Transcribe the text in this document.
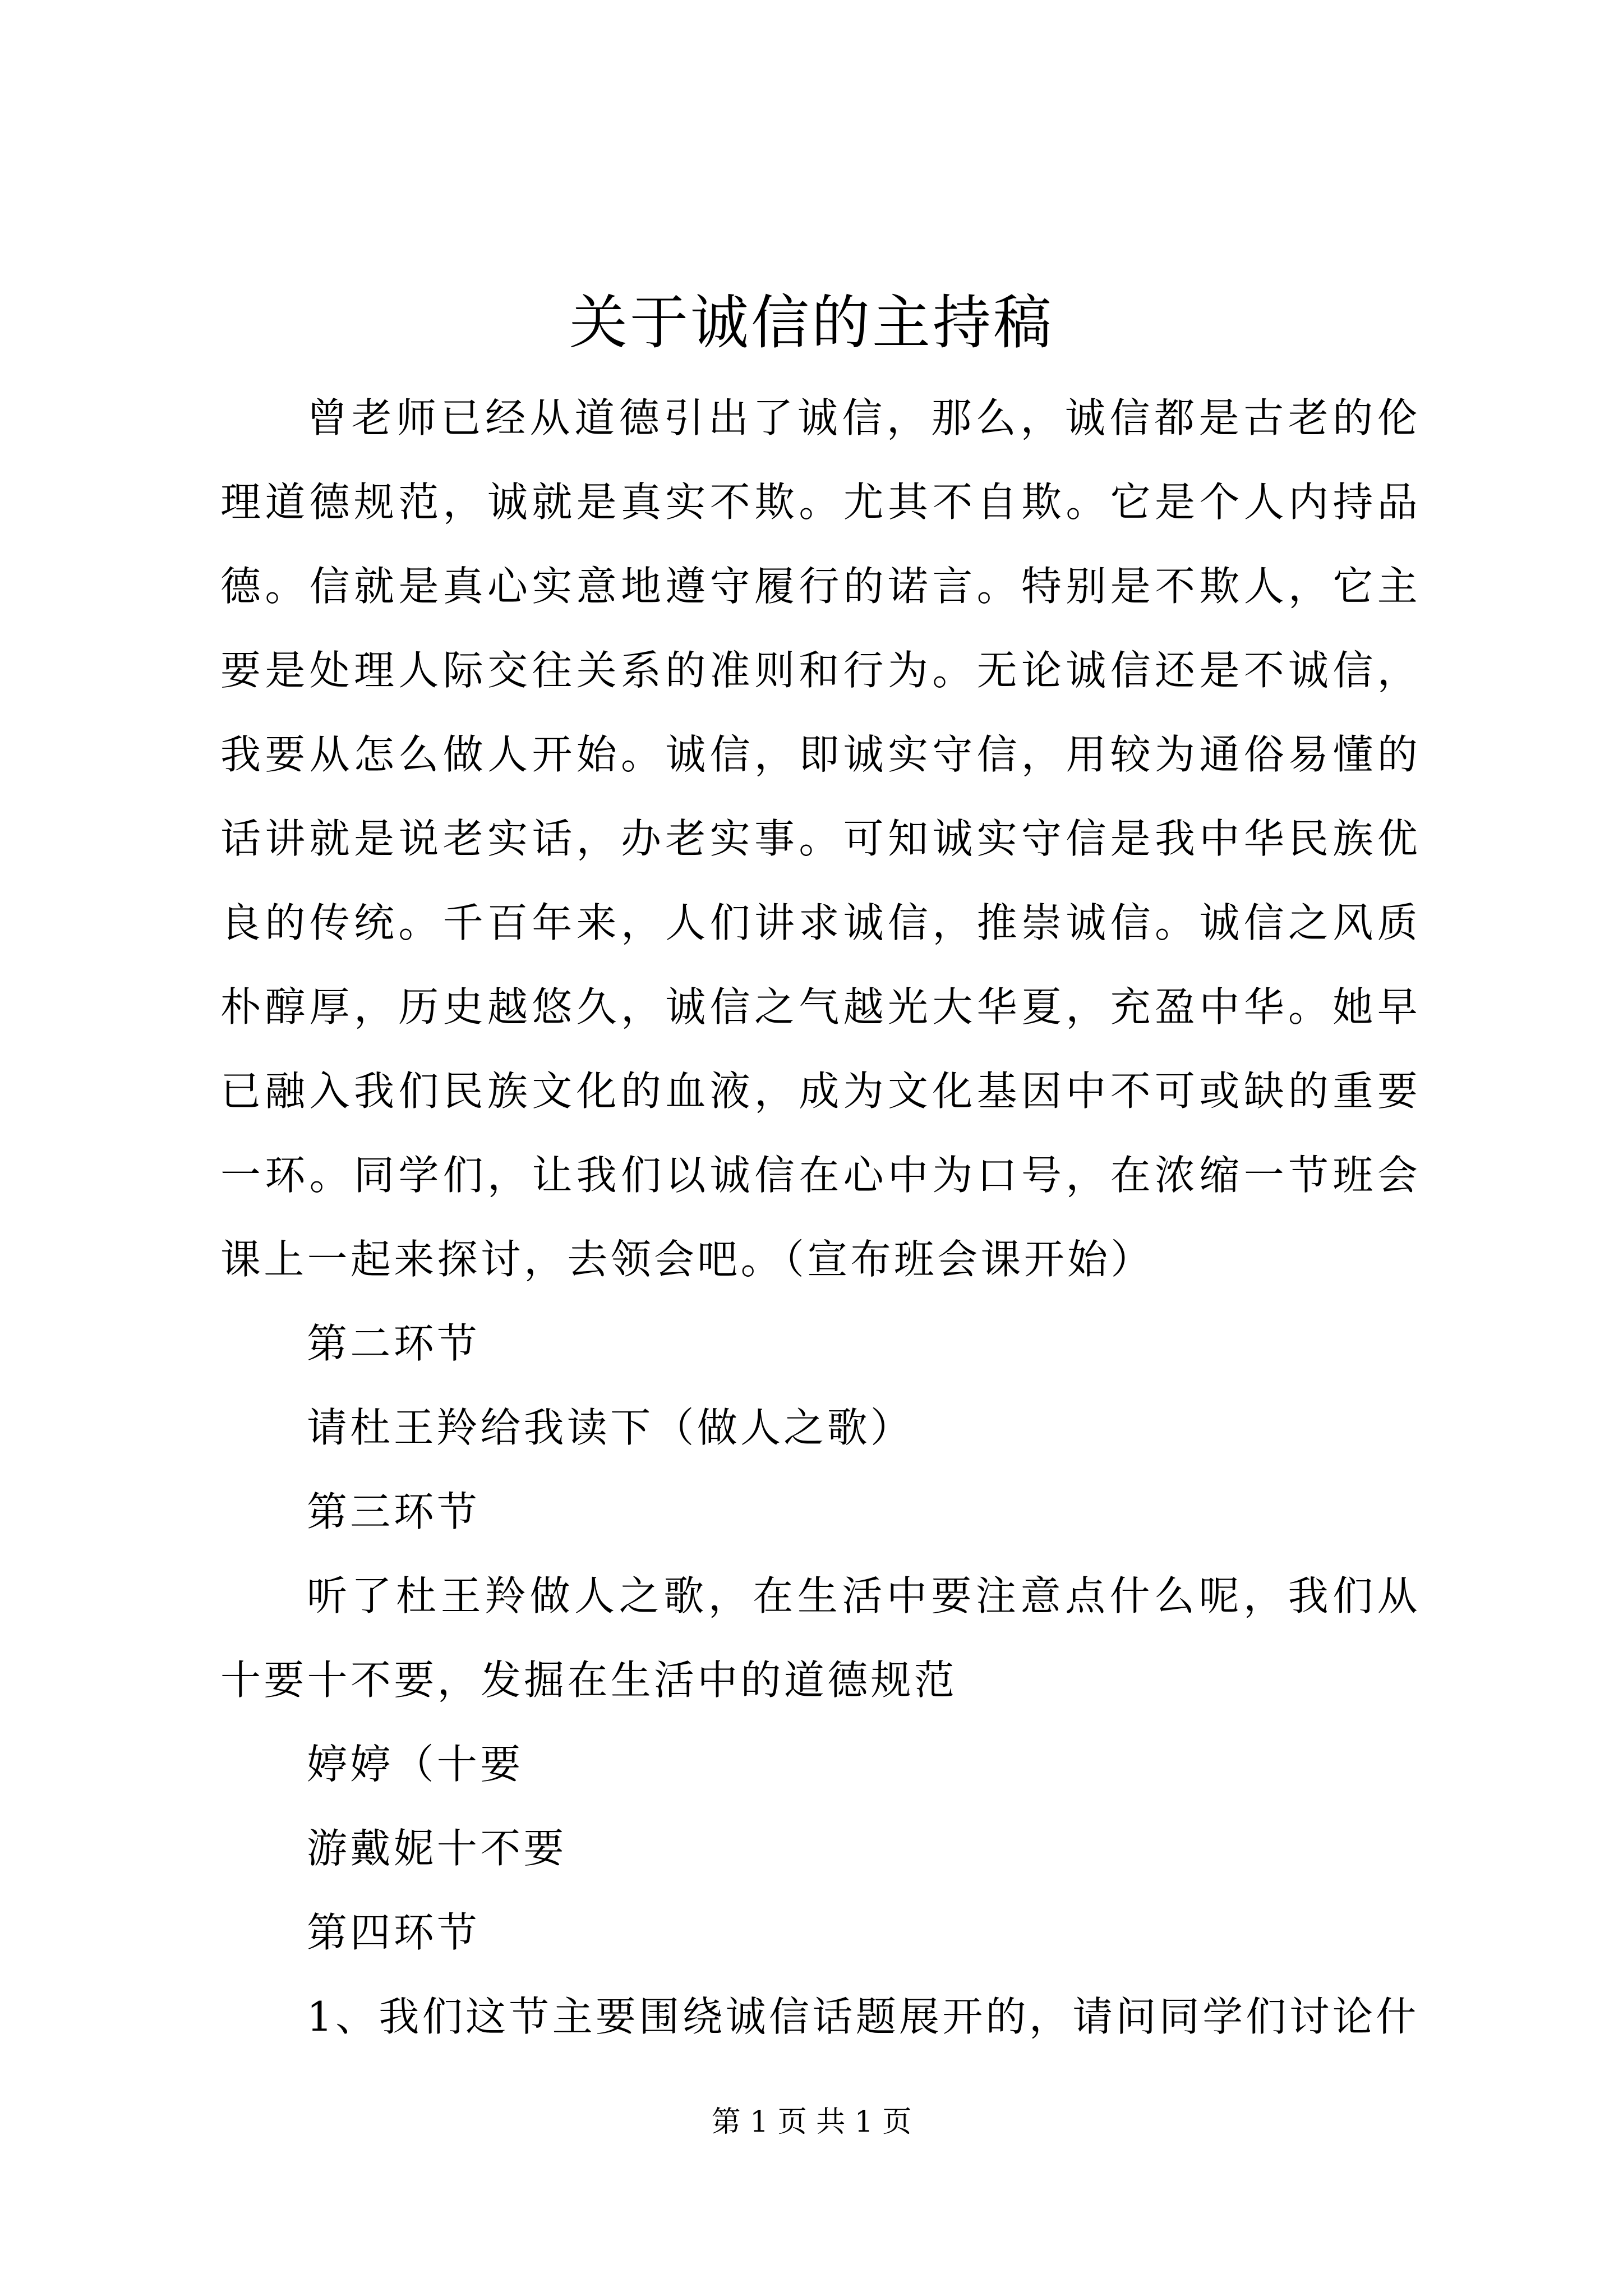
关于诚信的主持稿

曾老师已经从道德引出了诚信，那么，诚信都是古老的伦理道德规范，诚就是真实不欺。尤其不自欺。它是个人内持品德。信就是真心实意地遵守履行的诺言。特别是不欺人，它主要是处理人际交往关系的准则和行为。无论诚信还是不诚信，我要从怎么做人开始。诚信，即诚实守信，用较为通俗易懂的话讲就是说老实话，办老实事。可知诚实守信是我中华民族优良的传统。千百年来，人们讲求诚信，推崇诚信。诚信之风质朴醇厚，历史越悠久，诚信之气越光大华夏，充盈中华。她早已融入我们民族文化的血液，成为文化基因中不可或缺的重要一环。同学们，让我们以诚信在心中为口号，在浓缩一节班会课上一起来探讨，去领会吧。（宣布班会课开始）

第二环节

请杜王羚给我读下（做人之歌）

第三环节

听了杜王羚做人之歌，在生活中要注意点什么呢，我们从十要十不要，发掘在生活中的道德规范

婷婷（十要

游戴妮十不要

第四环节

1、我们这节主要围绕诚信话题展开的，请问同学们讨论什

第 1 页 共 1 页
